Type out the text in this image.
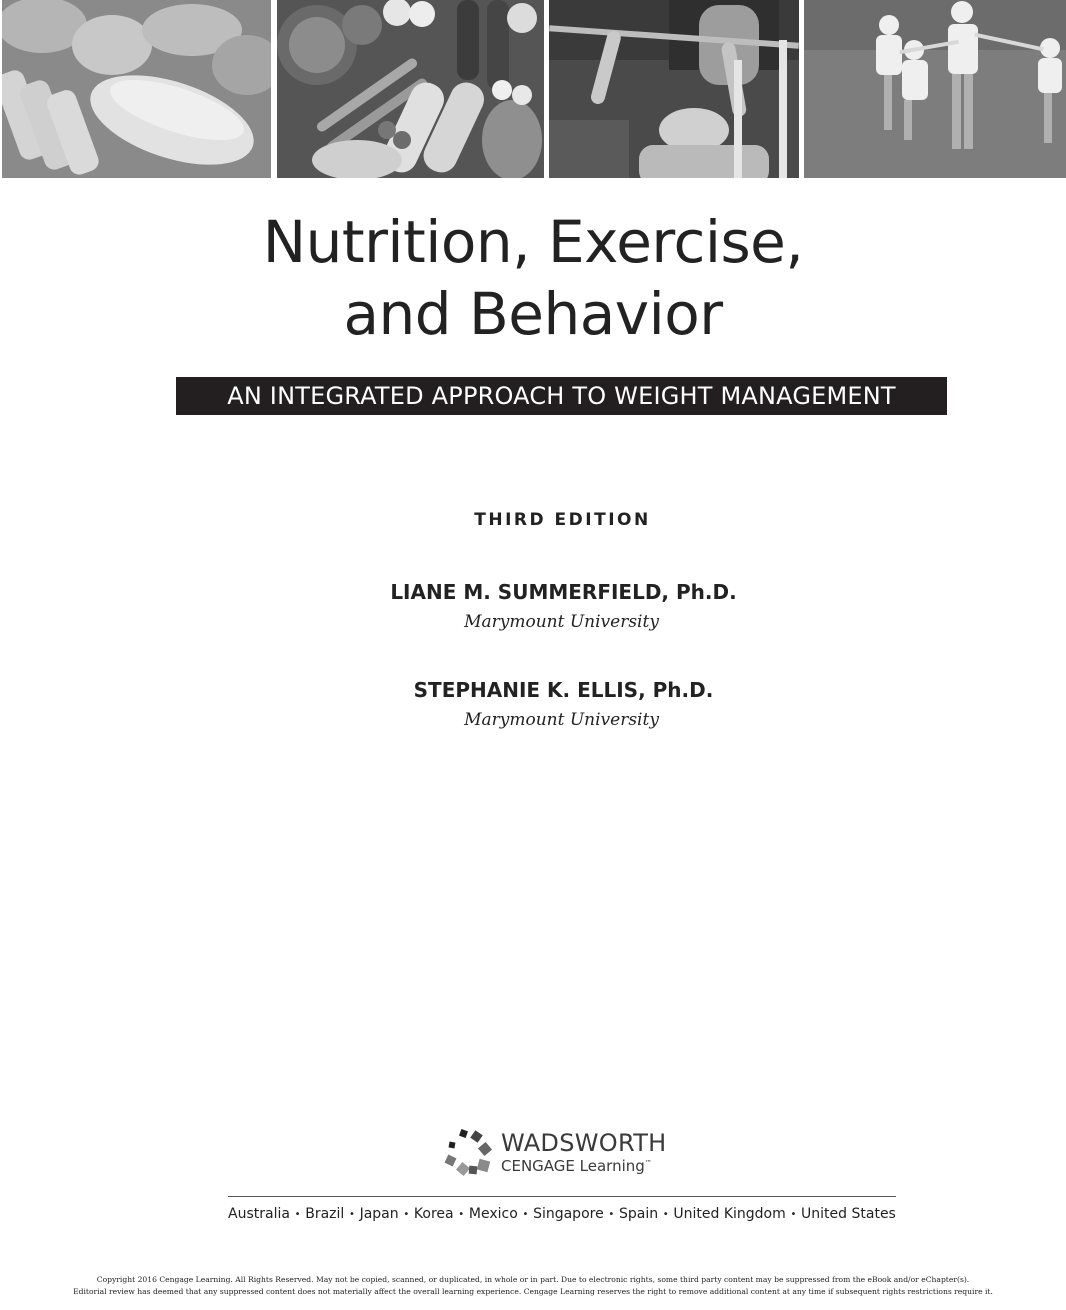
Nutrition, Exercise,
and Behavior
AN INTEGRATED APPROACH TO WEIGHT MANAGEMENT
THIRD EDITION
LIANE M. SUMMERFIELD, Ph.D.
Marymount University
STEPHANIE K. ELLIS, Ph.D.
Marymount University
WADSWORTH
CENGAGE Learning™
Australia • Brazil • Japan • Korea • Mexico • Singapore • Spain • United Kingdom • United States
Copyright 2016 Cengage Learning. All Rights Reserved. May not be copied, scanned, or duplicated, in whole or in part. Due to electronic rights, some third party content may be suppressed from the eBook and/or eChapter(s).
Editorial review has deemed that any suppressed content does not materially affect the overall learning experience. Cengage Learning reserves the right to remove additional content at any time if subsequent rights restrictions require it.
